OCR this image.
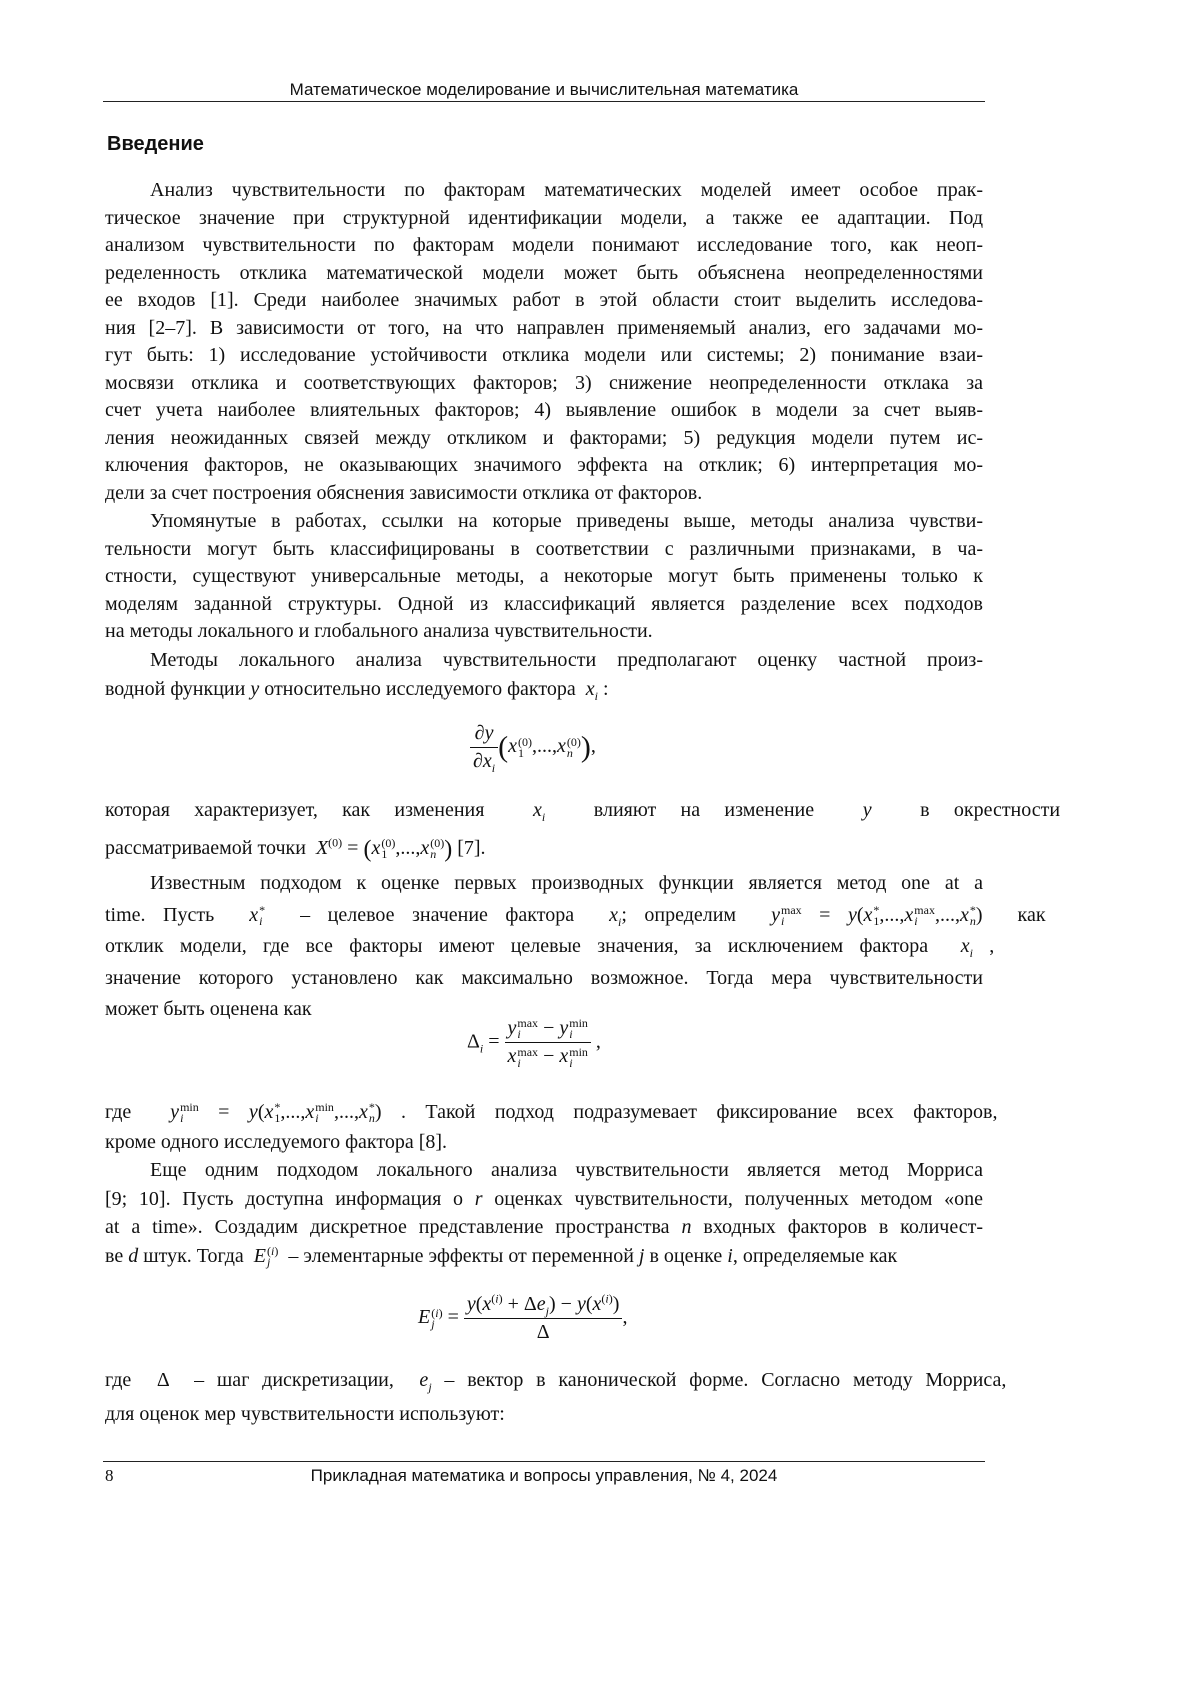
Математическое моделирование и вычислительная математика
Введение
Анализ чувствительности по факторам математических моделей имеет особое прак-
тическое значение при структурной идентификации модели, а также ее адаптации. Под
анализом чувствительности по факторам модели понимают исследование того, как неоп-
ределенность отклика математической модели может быть объяснена неопределенностями
ее входов [1]. Среди наиболее значимых работ в этой области стоит выделить исследова-
ния [2–7]. В зависимости от того, на что направлен применяемый анализ, его задачами мо-
гут быть: 1) исследование устойчивости отклика модели или системы; 2) понимание взаи-
мосвязи отклика и соответствующих факторов; 3) снижение неопределенности отклака за
счет учета наиболее влиятельных факторов; 4) выявление ошибок в модели за счет выяв-
ления неожиданных связей между откликом и факторами; 5) редукция модели путем ис-
ключения факторов, не оказывающих значимого эффекта на отклик; 6) интерпретация мо-
дели за счет построения обяснения зависимости отклика от факторов.
Упомянутые в работах, ссылки на которые приведены выше, методы анализа чувстви-
тельности могут быть классифицированы в соответствии с различными признаками, в ча-
стности, существуют универсальные методы, а некоторые могут быть применены только к
моделям заданной структуры. Одной из классификаций является разделение всех подходов
на методы локального и глобального анализа чувствительности.
Методы локального анализа чувствительности предполагают оценку частной произ-
водной функции y относительно исследуемого фактора  $x_i$ :
которая характеризует, как изменения  $x_i$  влияют на изменение  y  в окрестности
рассматриваемой точки  $X^{(0)} = (x$ (0)
1 ,...,x (0)
n ) [7].
Известным подходом к оценке первых производных функции является метод one at a
time. Пусть  x *
i – целевое значение фактора  $x_i$; определим  y max
i = y(x *
1 ,...,x max
i ,...,x *
n )  как
отклик модели, где все факторы имеют целевые значения, за исключением фактора  $x_i$ ,
значение которого установлено как максимально возможное. Тогда мера чувствительности
может быть оценена как
где  y min
i = y(x *
1 ,...,x min
i ,...,x *
n ) . Такой подход подразумевает фиксирование всех факторов,
кроме одного исследуемого фактора [8].
Еще одним подходом локального анализа чувствительности является метод Морриса
[9; 10]. Пусть доступна информация о r оценках чувствительности, полученных методом «one
at a time». Создадим дискретное представление пространства n входных факторов в количест-
ве d штук. Тогда  E (i)
j – элементарные эффекты от переменной j в оценке i, определяемые как
где  Δ  – шаг дискретизации,  $e_j$ – вектор в канонической форме. Согласно методу Морриса,
для оценок мер чувствительности используют:
$\frac{\partial y}{\partial x_i} (x$ (0)
1 ,...,x (0)
n ),
$\Delta_i = y$ max
i − y min
i
x max
i − x min
i ,
E (i)
$j = \frac{y(x^{(i)} + \Delta e_j) - y(x^{(i)})}{\Delta}$ ,
8	Прикладная математика и вопросы управления, № 4, 2024
